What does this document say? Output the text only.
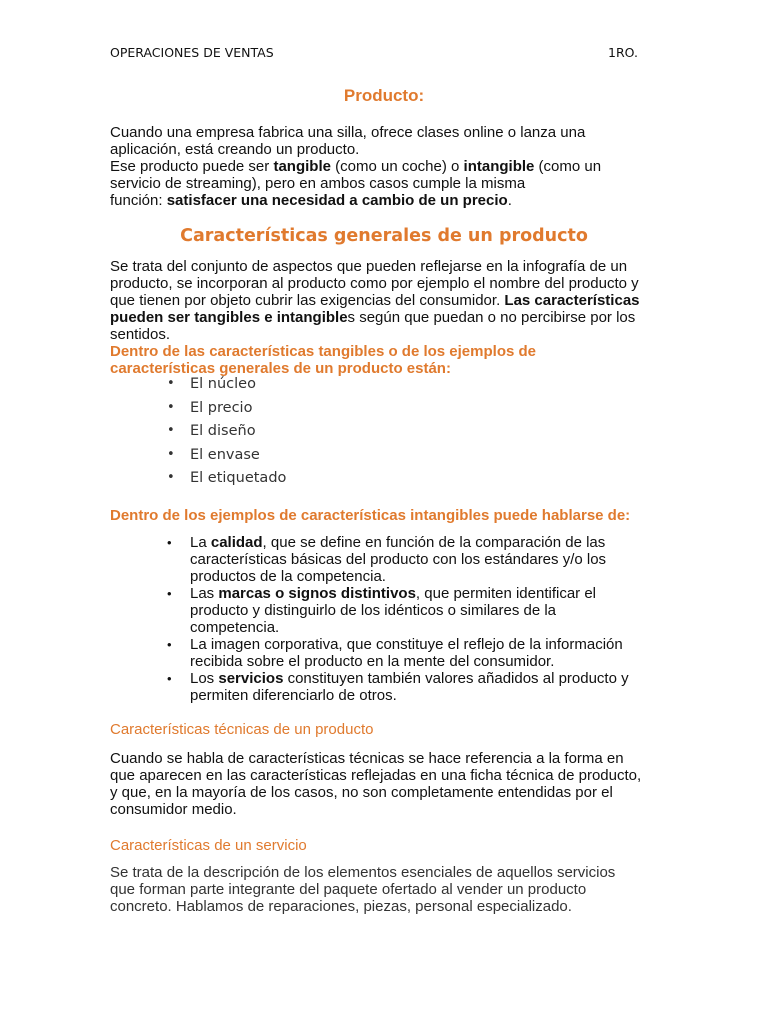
OPERACIONES DE VENTAS	1RO.
Producto:
Cuando una empresa fabrica una silla, ofrece clases online o lanza una
aplicación, está creando un producto.
Ese producto puede ser tangible (como un coche) o intangible (como un
servicio de streaming), pero en ambos casos cumple la misma
función: satisfacer una necesidad a cambio de un precio.
Características generales de un producto
Se trata del conjunto de aspectos que pueden reflejarse en la infografía de un
producto, se incorporan al producto como por ejemplo el nombre del producto y
que tienen por objeto cubrir las exigencias del consumidor. Las características
pueden ser tangibles e intangibles según que puedan o no percibirse por los
sentidos.
Dentro de las características tangibles o de los ejemplos de
características generales de un producto están:
• El núcleo
• El precio
• El diseño
• El envase
• El etiquetado
Dentro de los ejemplos de características intangibles puede hablarse de:
• La calidad, que se define en función de la comparación de las
características básicas del producto con los estándares y/o los
productos de la competencia.
• Las marcas o signos distintivos, que permiten identificar el
producto y distinguirlo de los idénticos o similares de la
competencia.
• La imagen corporativa, que constituye el reflejo de la información
recibida sobre el producto en la mente del consumidor.
• Los servicios constituyen también valores añadidos al producto y
permiten diferenciarlo de otros.
Características técnicas de un producto
Cuando se habla de características técnicas se hace referencia a la forma en
que aparecen en las características reflejadas en una ficha técnica de producto,
y que, en la mayoría de los casos, no son completamente entendidas por el
consumidor medio.
Características de un servicio
Se trata de la descripción de los elementos esenciales de aquellos servicios
que forman parte integrante del paquete ofertado al vender un producto
concreto. Hablamos de reparaciones, piezas, personal especializado.
